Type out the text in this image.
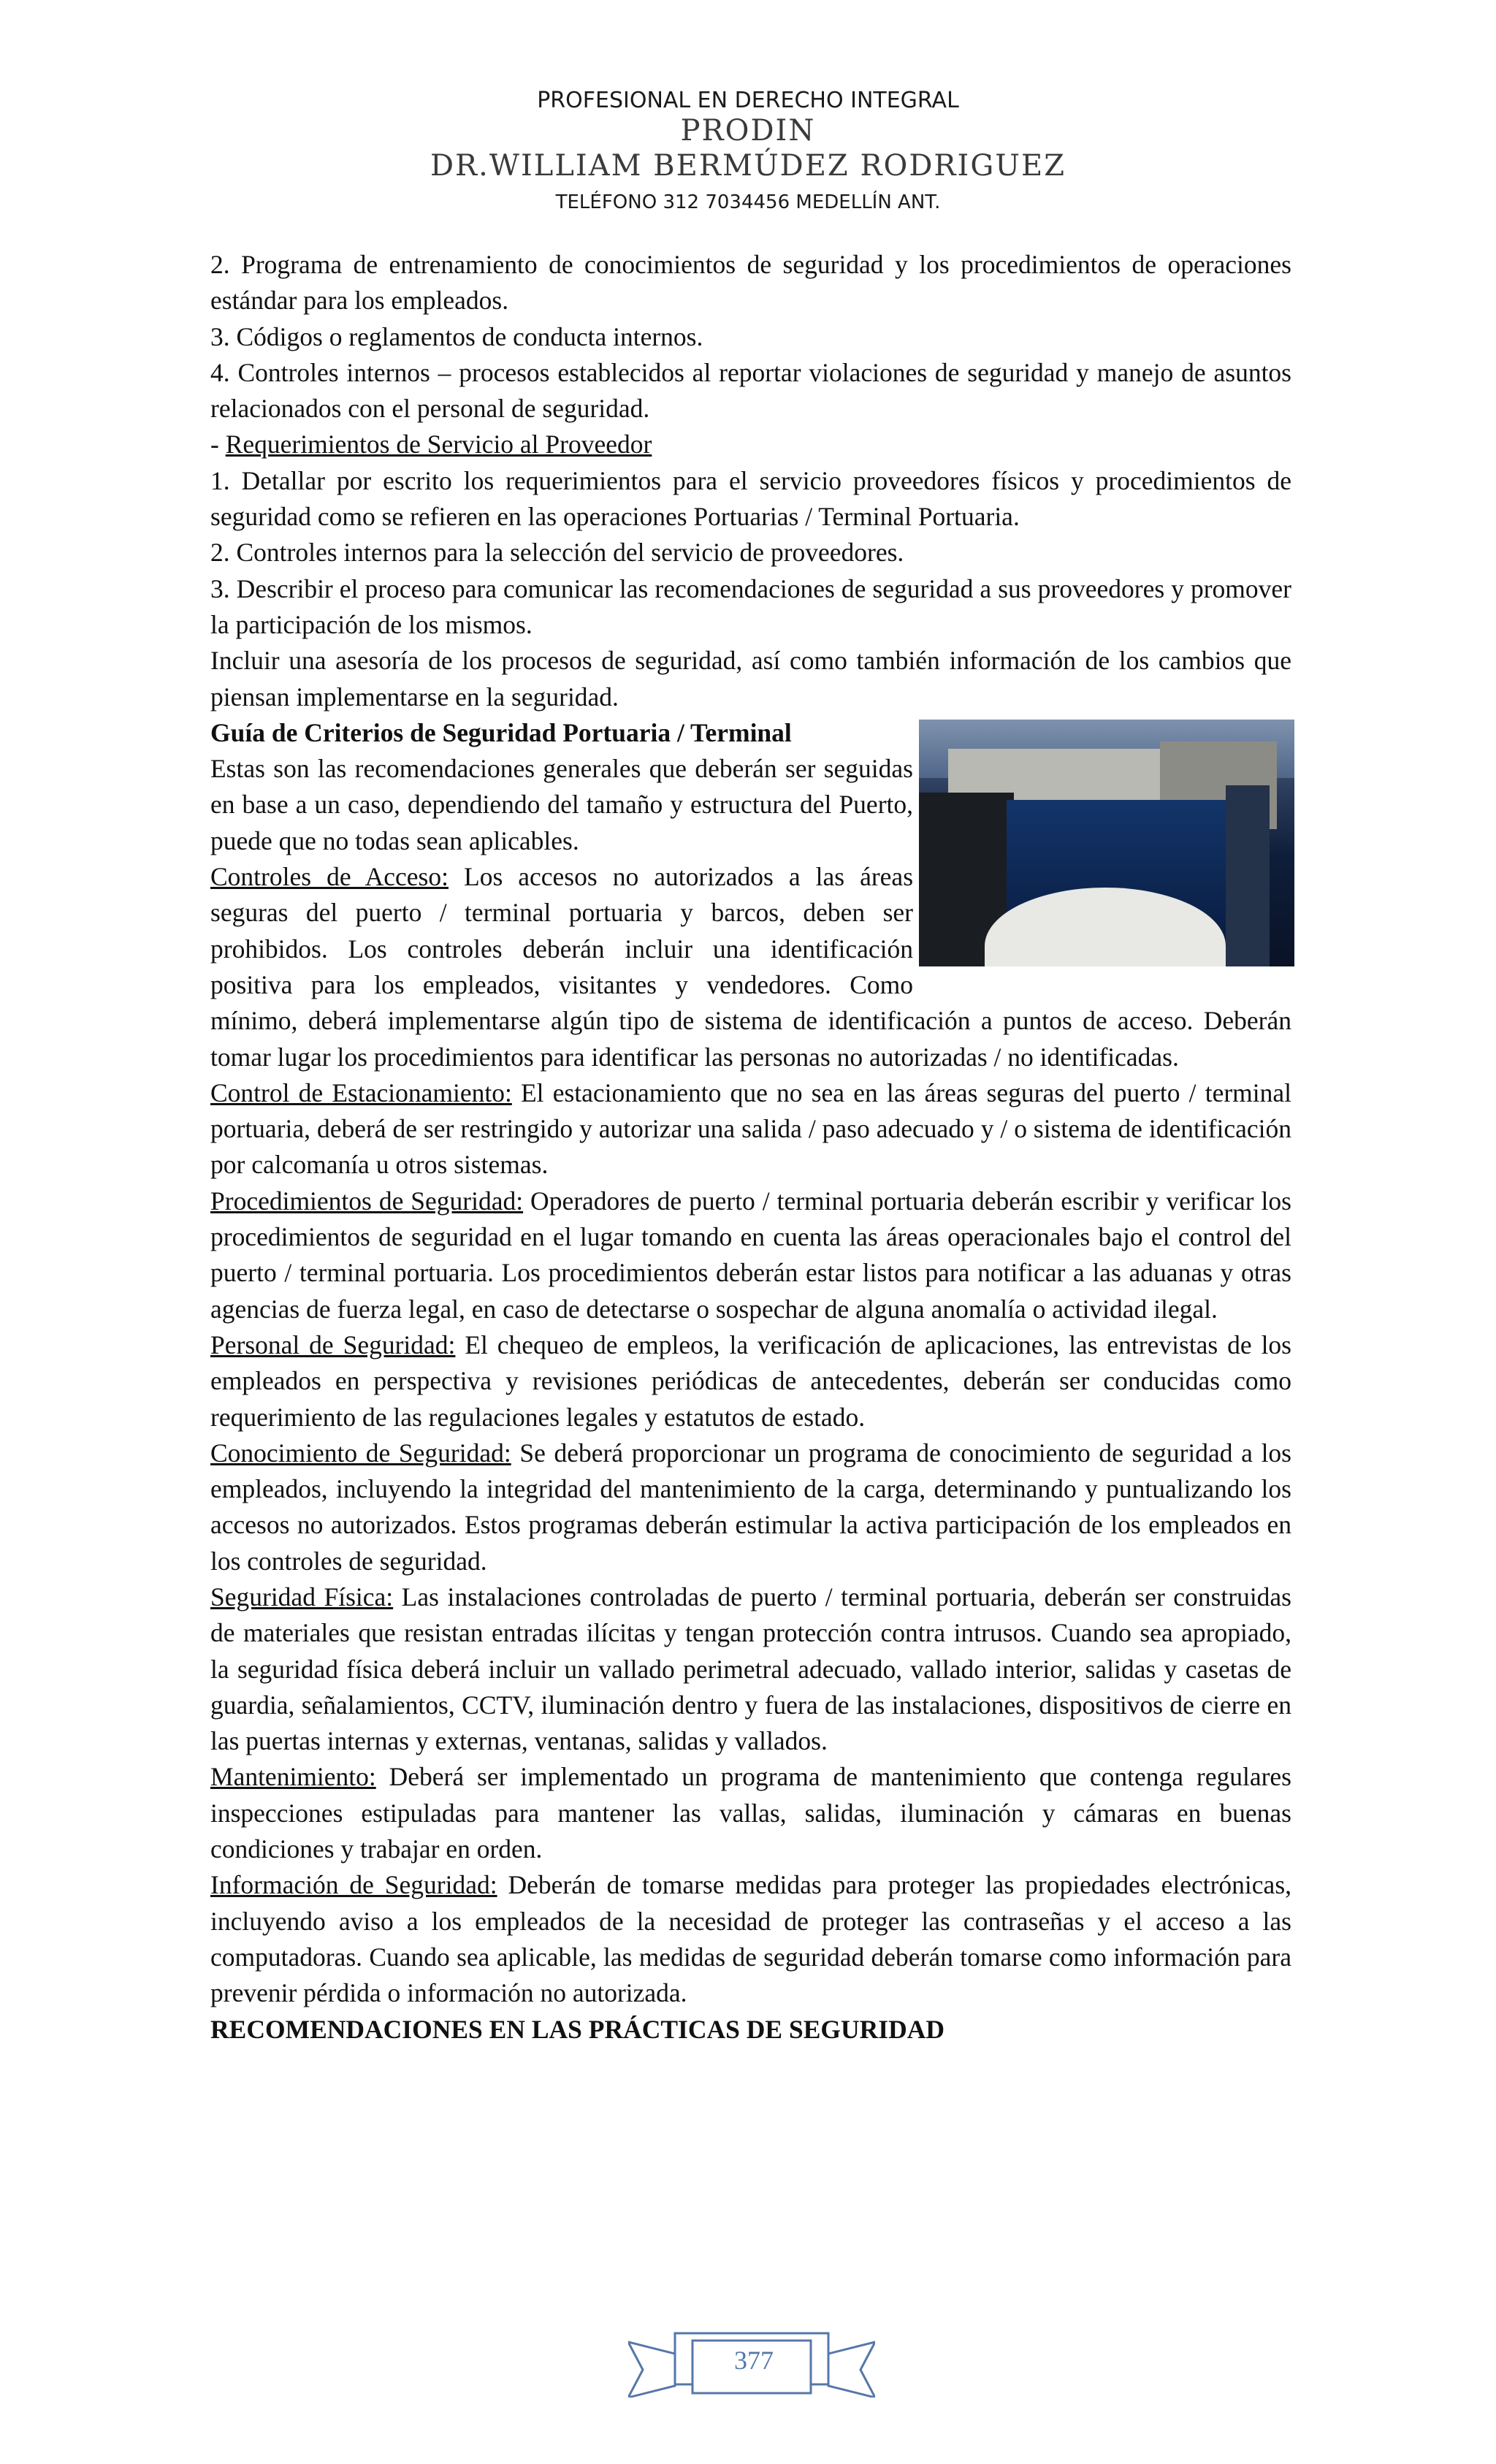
PROFESIONAL EN DERECHO INTEGRAL
PRODIN
DR.WILLIAM BERMÚDEZ RODRIGUEZ
TELÉFONO 312 7034456 MEDELLÍN ANT.

2. Programa de entrenamiento de conocimientos de seguridad y los procedimientos de operaciones estándar para los empleados.

3. Códigos o reglamentos de conducta internos.

4. Controles internos – procesos establecidos al reportar violaciones de seguridad y manejo de asuntos relacionados con el personal de seguridad.

- Requerimientos de Servicio al Proveedor

1. Detallar por escrito los requerimientos para el servicio proveedores físicos y procedimientos de seguridad como se refieren en las operaciones Portuarias / Terminal Portuaria.

2. Controles internos para la selección del servicio de proveedores.

3. Describir el proceso para comunicar las recomendaciones de seguridad a sus proveedores y promover la participación de los mismos.

Incluir una asesoría de los procesos de seguridad, así como también información de los cambios que piensan implementarse en la seguridad.

Guía de Criterios de Seguridad Portuaria / Terminal

Estas son las recomendaciones generales que deberán ser seguidas en base a un caso, dependiendo del tamaño y estructura del Puerto, puede que no todas sean aplicables.

Controles de Acceso: Los accesos no autorizados a las áreas seguras del puerto / terminal portuaria y barcos, deben ser prohibidos. Los controles deberán incluir una identificación positiva para los empleados, visitantes y vendedores. Como mínimo, deberá implementarse algún tipo de sistema de identificación a puntos de acceso. Deberán tomar lugar los procedimientos para identificar las personas no autorizadas / no identificadas.

Control de Estacionamiento: El estacionamiento que no sea en las áreas seguras del puerto / terminal portuaria, deberá de ser restringido y autorizar una salida / paso adecuado y / o sistema de identificación por calcomanía u otros sistemas.

Procedimientos de Seguridad: Operadores de puerto / terminal portuaria deberán escribir y verificar los procedimientos de seguridad en el lugar tomando en cuenta las áreas operacionales bajo el control del puerto / terminal portuaria. Los procedimientos deberán estar listos para notificar a las aduanas y otras agencias de fuerza legal, en caso de detectarse o sospechar de alguna anomalía o actividad ilegal.

Personal de Seguridad: El chequeo de empleos, la verificación de aplicaciones, las entrevistas de los empleados en perspectiva y revisiones periódicas de antecedentes, deberán ser conducidas como requerimiento de las regulaciones legales y estatutos de estado.

Conocimiento de Seguridad: Se deberá proporcionar un programa de conocimiento de seguridad a los empleados, incluyendo la integridad del mantenimiento de la carga, determinando y puntualizando los accesos no autorizados. Estos programas deberán estimular la activa participación de los empleados en los controles de seguridad.

Seguridad Física: Las instalaciones controladas de puerto / terminal portuaria, deberán ser construidas de materiales que resistan entradas ilícitas y tengan protección contra intrusos. Cuando sea apropiado, la seguridad física deberá incluir un vallado perimetral adecuado, vallado interior, salidas y casetas de guardia, señalamientos, CCTV, iluminación dentro y fuera de las instalaciones, dispositivos de cierre en las puertas internas y externas, ventanas, salidas y vallados.

Mantenimiento: Deberá ser implementado un programa de mantenimiento que contenga regulares inspecciones estipuladas para mantener las vallas, salidas, iluminación y cámaras en buenas condiciones y trabajar en orden.

Información de Seguridad: Deberán de tomarse medidas para proteger las propiedades electrónicas, incluyendo aviso a los empleados de la necesidad de proteger las contraseñas y el acceso a las computadoras. Cuando sea aplicable, las medidas de seguridad deberán tomarse como información para prevenir pérdida o información no autorizada.

RECOMENDACIONES EN LAS PRÁCTICAS DE SEGURIDAD

377
